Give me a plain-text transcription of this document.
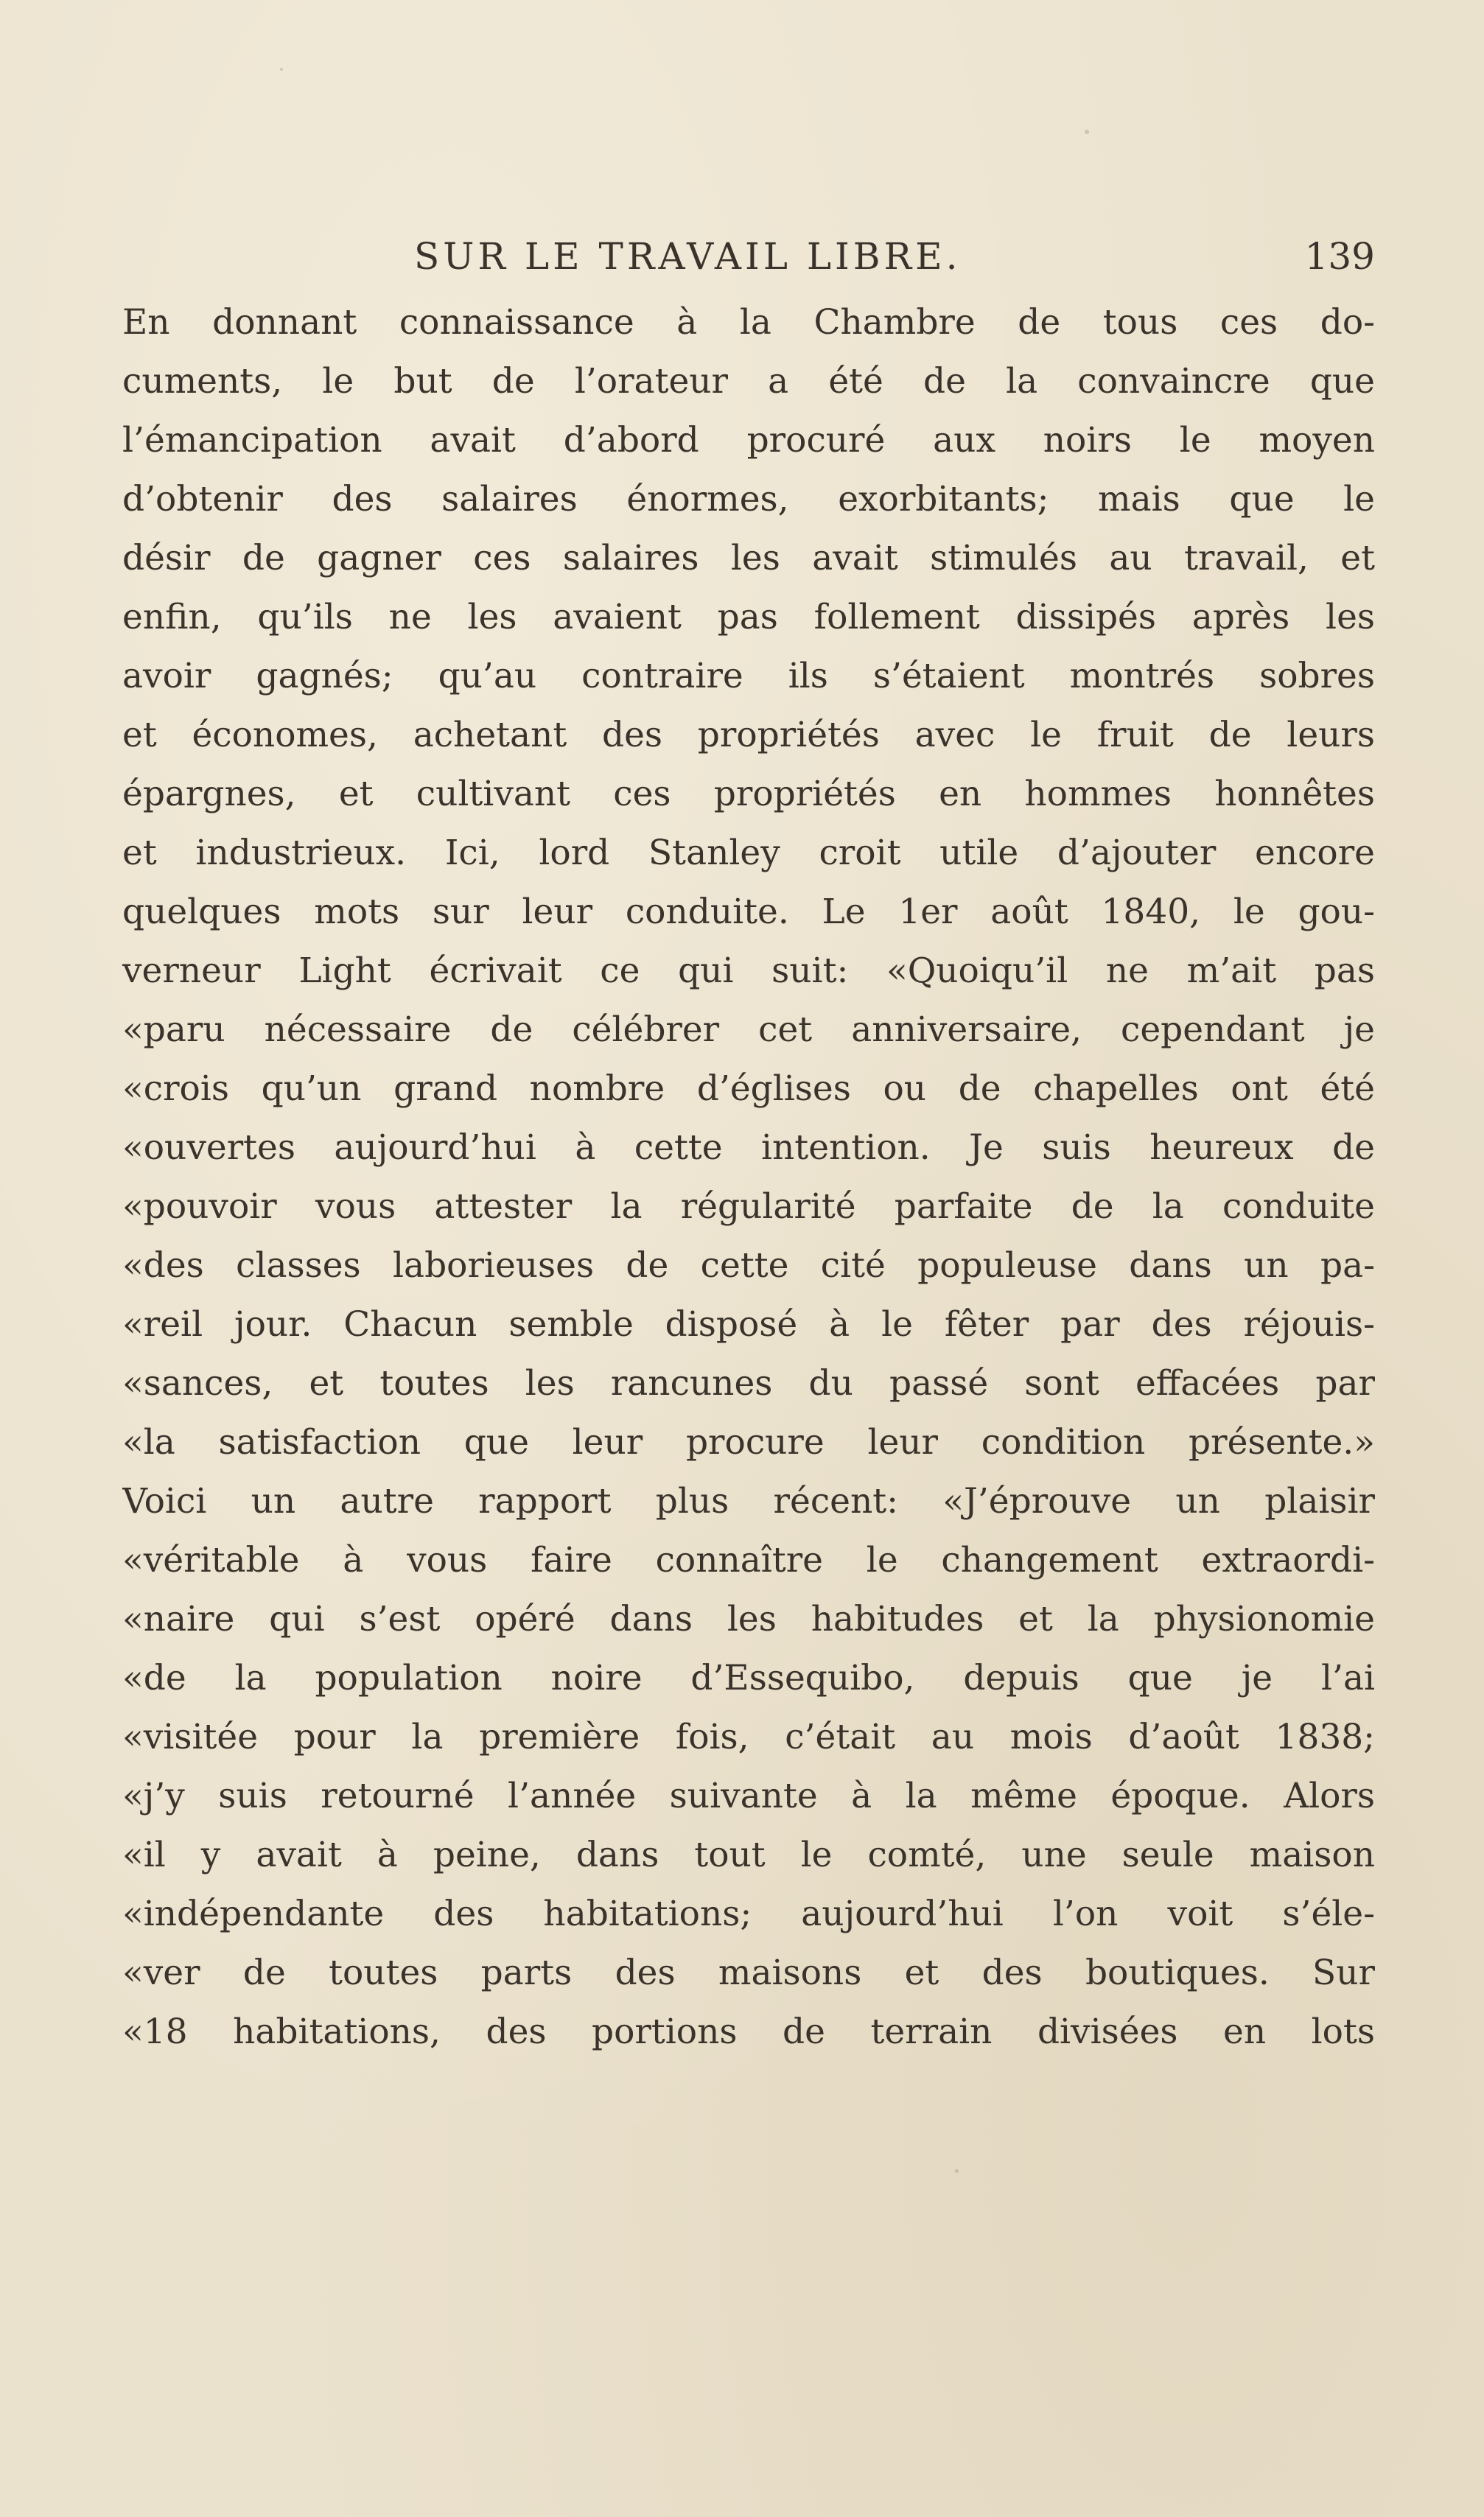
SUR LE TRAVAIL LIBRE.	139
En donnant connaissance à la Chambre de tous ces do-
cuments, le but de l’orateur a été de la convaincre que
l’émancipation avait d’abord procuré aux noirs le moyen
d’obtenir des salaires énormes, exorbitants; mais que le
désir de gagner ces salaires les avait stimulés au travail, et
enfin, qu’ils ne les avaient pas follement dissipés après les
avoir gagnés; qu’au contraire ils s’étaient montrés sobres
et économes, achetant des propriétés avec le fruit de leurs
épargnes, et cultivant ces propriétés en hommes honnêtes
et industrieux. Ici, lord Stanley croit utile d’ajouter encore
quelques mots sur leur conduite. Le 1er août 1840, le gou-
verneur Light écrivait ce qui suit: «Quoiqu’il ne m’ait pas
«paru nécessaire de célébrer cet anniversaire, cependant je
«crois qu’un grand nombre d’églises ou de chapelles ont été
«ouvertes aujourd’hui à cette intention. Je suis heureux de
«pouvoir vous attester la régularité parfaite de la conduite
«des classes laborieuses de cette cité populeuse dans un pa-
«reil jour. Chacun semble disposé à le fêter par des réjouis-
«sances, et toutes les rancunes du passé sont effacées par
«la satisfaction que leur procure leur condition présente.»
Voici un autre rapport plus récent: «J’éprouve un plaisir
«véritable à vous faire connaître le changement extraordi-
«naire qui s’est opéré dans les habitudes et la physionomie
«de la population noire d’Essequibo, depuis que je l’ai
«visitée pour la première fois, c’était au mois d’août 1838;
«j’y suis retourné l’année suivante à la même époque. Alors
«il y avait à peine, dans tout le comté, une seule maison
«indépendante des habitations; aujourd’hui l’on voit s’éle-
«ver de toutes parts des maisons et des boutiques. Sur
«18 habitations, des portions de terrain divisées en lots
